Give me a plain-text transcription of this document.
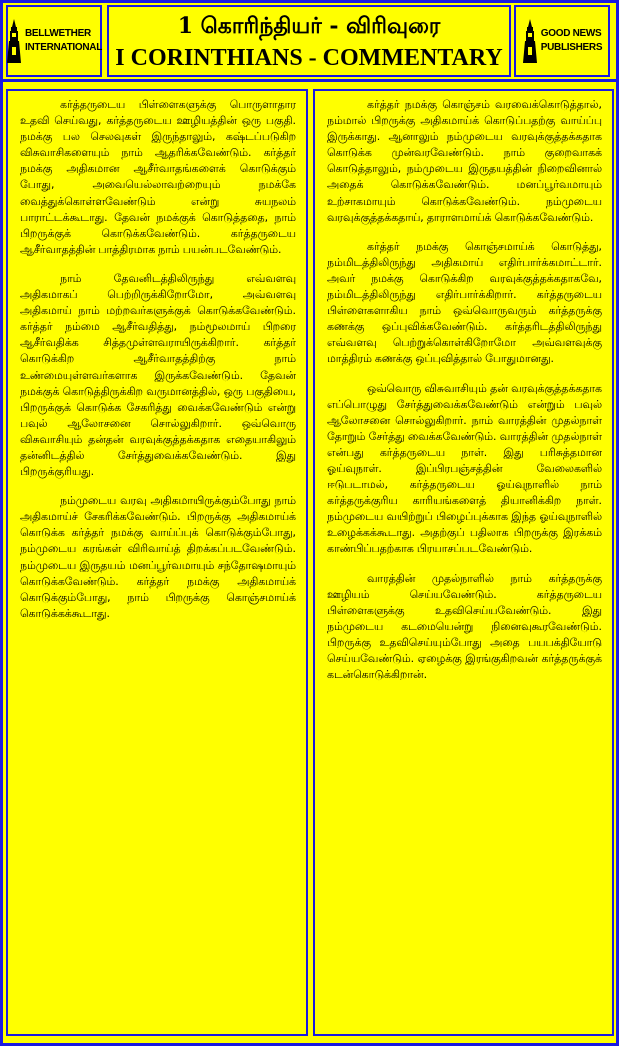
BELLWETHER
INTERNATIONAL
1 கொரிந்தியர் - விரிவுரை
I CORINTHIANS - COMMENTARY
GOOD NEWS
PUBLISHERS

கர்த்தருடைய பிள்ளைகளுக்கு பொருளாதார உதவி செய்வது, கர்த்தருடைய ஊழியத்தின் ஒரு பகுதி. நமக்கு பல செலவுகள் இருந்தாலும், கஷ்டப்படுகிற விசுவாசிகளையும் நாம் ஆதரிக்கவேண்டும். கர்த்தர் நமக்கு அதிகமான ஆசீர்வாதங்களைக் கொடுக்கும் போது, அவையெல்லாவற்றையும் நமக்கே வைத்துக்கொள்ளவேண்டும் என்று சுயநலம் பாராட்டக்கூடாது. தேவன் நமக்குக் கொடுத்ததை, நாம் பிறருக்குக் கொடுக்கவேண்டும். கர்த்தருடைய ஆசீர்வாதத்தின் பாத்திரமாக நாம் பயன்படவேண்டும்.

நாம் தேவனிடத்திலிருந்து எவ்வளவு அதிகமாகப் பெற்றிருக்கிறோமோ, அவ்வளவு அதிகமாய் நாம் மற்றவர்களுக்குக் கொடுக்கவேண்டும். கர்த்தர் நம்மை ஆசீர்வதித்து, நம்மூலமாய் பிறரை ஆசீர்வதிக்க சித்தமுள்ளவராயிருக்கிறார். கர்த்தர் கொடுக்கிற ஆசீர்வாதத்திற்கு நாம் உண்மையுள்ளவர்களாக இருக்கவேண்டும். தேவன் நமக்குக் கொடுத்திருக்கிற வருமானத்தில், ஒரு பகுதியை, பிறருக்குக் கொடுக்க சேகரித்து வைக்கவேண்டும் என்று பவுல் ஆலோசனை சொல்லுகிறார். ஒவ்வொரு விசுவாசியும் தன்தன் வரவுக்குத்தக்கதாக எதையாகிலும் தன்னிடத்தில் சேர்த்துவைக்கவேண்டும். இது பிறருக்குரியது.

நம்முடைய வரவு அதிகமாயிருக்கும்போது நாம் அதிகமாய்ச் சேகரிக்கவேண்டும். பிறருக்கு அதிகமாய்க் கொடுக்க கர்த்தர் நமக்கு வாய்ப்புக் கொடுக்கும்போது, நம்முடைய கரங்கள் விரிவாய்த் திறக்கப்படவேண்டும். நம்முடைய இருதயம் மனப்பூர்வமாயும் சந்தோஷமாயும் கொடுக்கவேண்டும். கர்த்தர் நமக்கு அதிகமாய்க் கொடுக்கும்போது, நாம் பிறருக்கு கொஞ்சமாய்க் கொடுக்கக்கூடாது.

கர்த்தர் நமக்கு கொஞ்சம் வரவைக்கொடுத்தால், நம்மால் பிறருக்கு அதிகமாய்க் கொடுப்பதற்கு வாய்ப்பு இருக்காது. ஆனாலும் நம்முடைய வரவுக்குத்தக்கதாக கொடுக்க முன்வரவேண்டும். நாம் குறைவாகக் கொடுத்தாலும், நம்முடைய இருதயத்தின் நிறைவினால் அதைக் கொடுக்கவேண்டும். மனப்பூர்வமாயும் உற்சாகமாயும் கொடுக்கவேண்டும். நம்முடைய வரவுக்குத்தக்கதாய், தாராளமாய்க் கொடுக்கவேண்டும்.

கர்த்தர் நமக்கு கொஞ்சமாய்க் கொடுத்து, நம்மிடத்திலிருந்து அதிகமாய் எதிர்பார்க்கமாட்டார். அவர் நமக்கு கொடுக்கிற வரவுக்குத்தக்கதாகவே, நம்மிடத்திலிருந்து எதிர்பார்க்கிறார். கர்த்தருடைய பிள்ளைகளாகிய நாம் ஒவ்வொருவரும் கர்த்தருக்கு கணக்கு ஒப்புவிக்கவேண்டும். கர்த்தரிடத்திலிருந்து எவ்வளவு பெற்றுக்கொள்கிறோமோ அவ்வளவுக்கு மாத்திரம் கணக்கு ஒப்புவித்தால் போதுமானது.

ஒவ்வொரு விசுவாசியும் தன் வரவுக்குத்தக்கதாக எப்பொழுது சேர்த்துவைக்கவேண்டும் என்றும் பவுல் ஆலோசனை சொல்லுகிறார். நாம் வாரத்தின் முதல்நாள் தோறும் சேர்த்து வைக்கவேண்டும். வாரத்தின் முதல்நாள் என்பது கர்த்தருடைய நாள். இது பரிசுத்தமான ஓய்வுநாள். இப்பிரபஞ்சத்தின் வேலைகளில் ஈடுபடாமல், கர்த்தருடைய ஓய்வுநாளில் நாம் கர்த்தருக்குரிய காரியங்களைத் தியானிக்கிற நாள். நம்முடைய வயிற்றுப் பிழைப்புக்காக இந்த ஓய்வுநாளில் உழைக்கக்கூடாது. அதற்குப் பதிலாக பிறருக்கு இரக்கம் காண்பிப்பதற்காக பிரயாசப்படவேண்டும்.

வாரத்தின் முதல்நாளில் நாம் கர்த்தருக்கு ஊழியம் செய்யவேண்டும். கர்த்தருடைய பிள்ளைகளுக்கு உதவிசெய்யவேண்டும். இது நம்முடைய கடமையென்று நினைவுகூரவேண்டும். பிறருக்கு உதவிசெய்யும்போது அதை பயபக்தியோடு செய்யவேண்டும். ஏழைக்கு இரங்குகிறவன் கர்த்தருக்குக் கடன்கொடுக்கிறான்.
